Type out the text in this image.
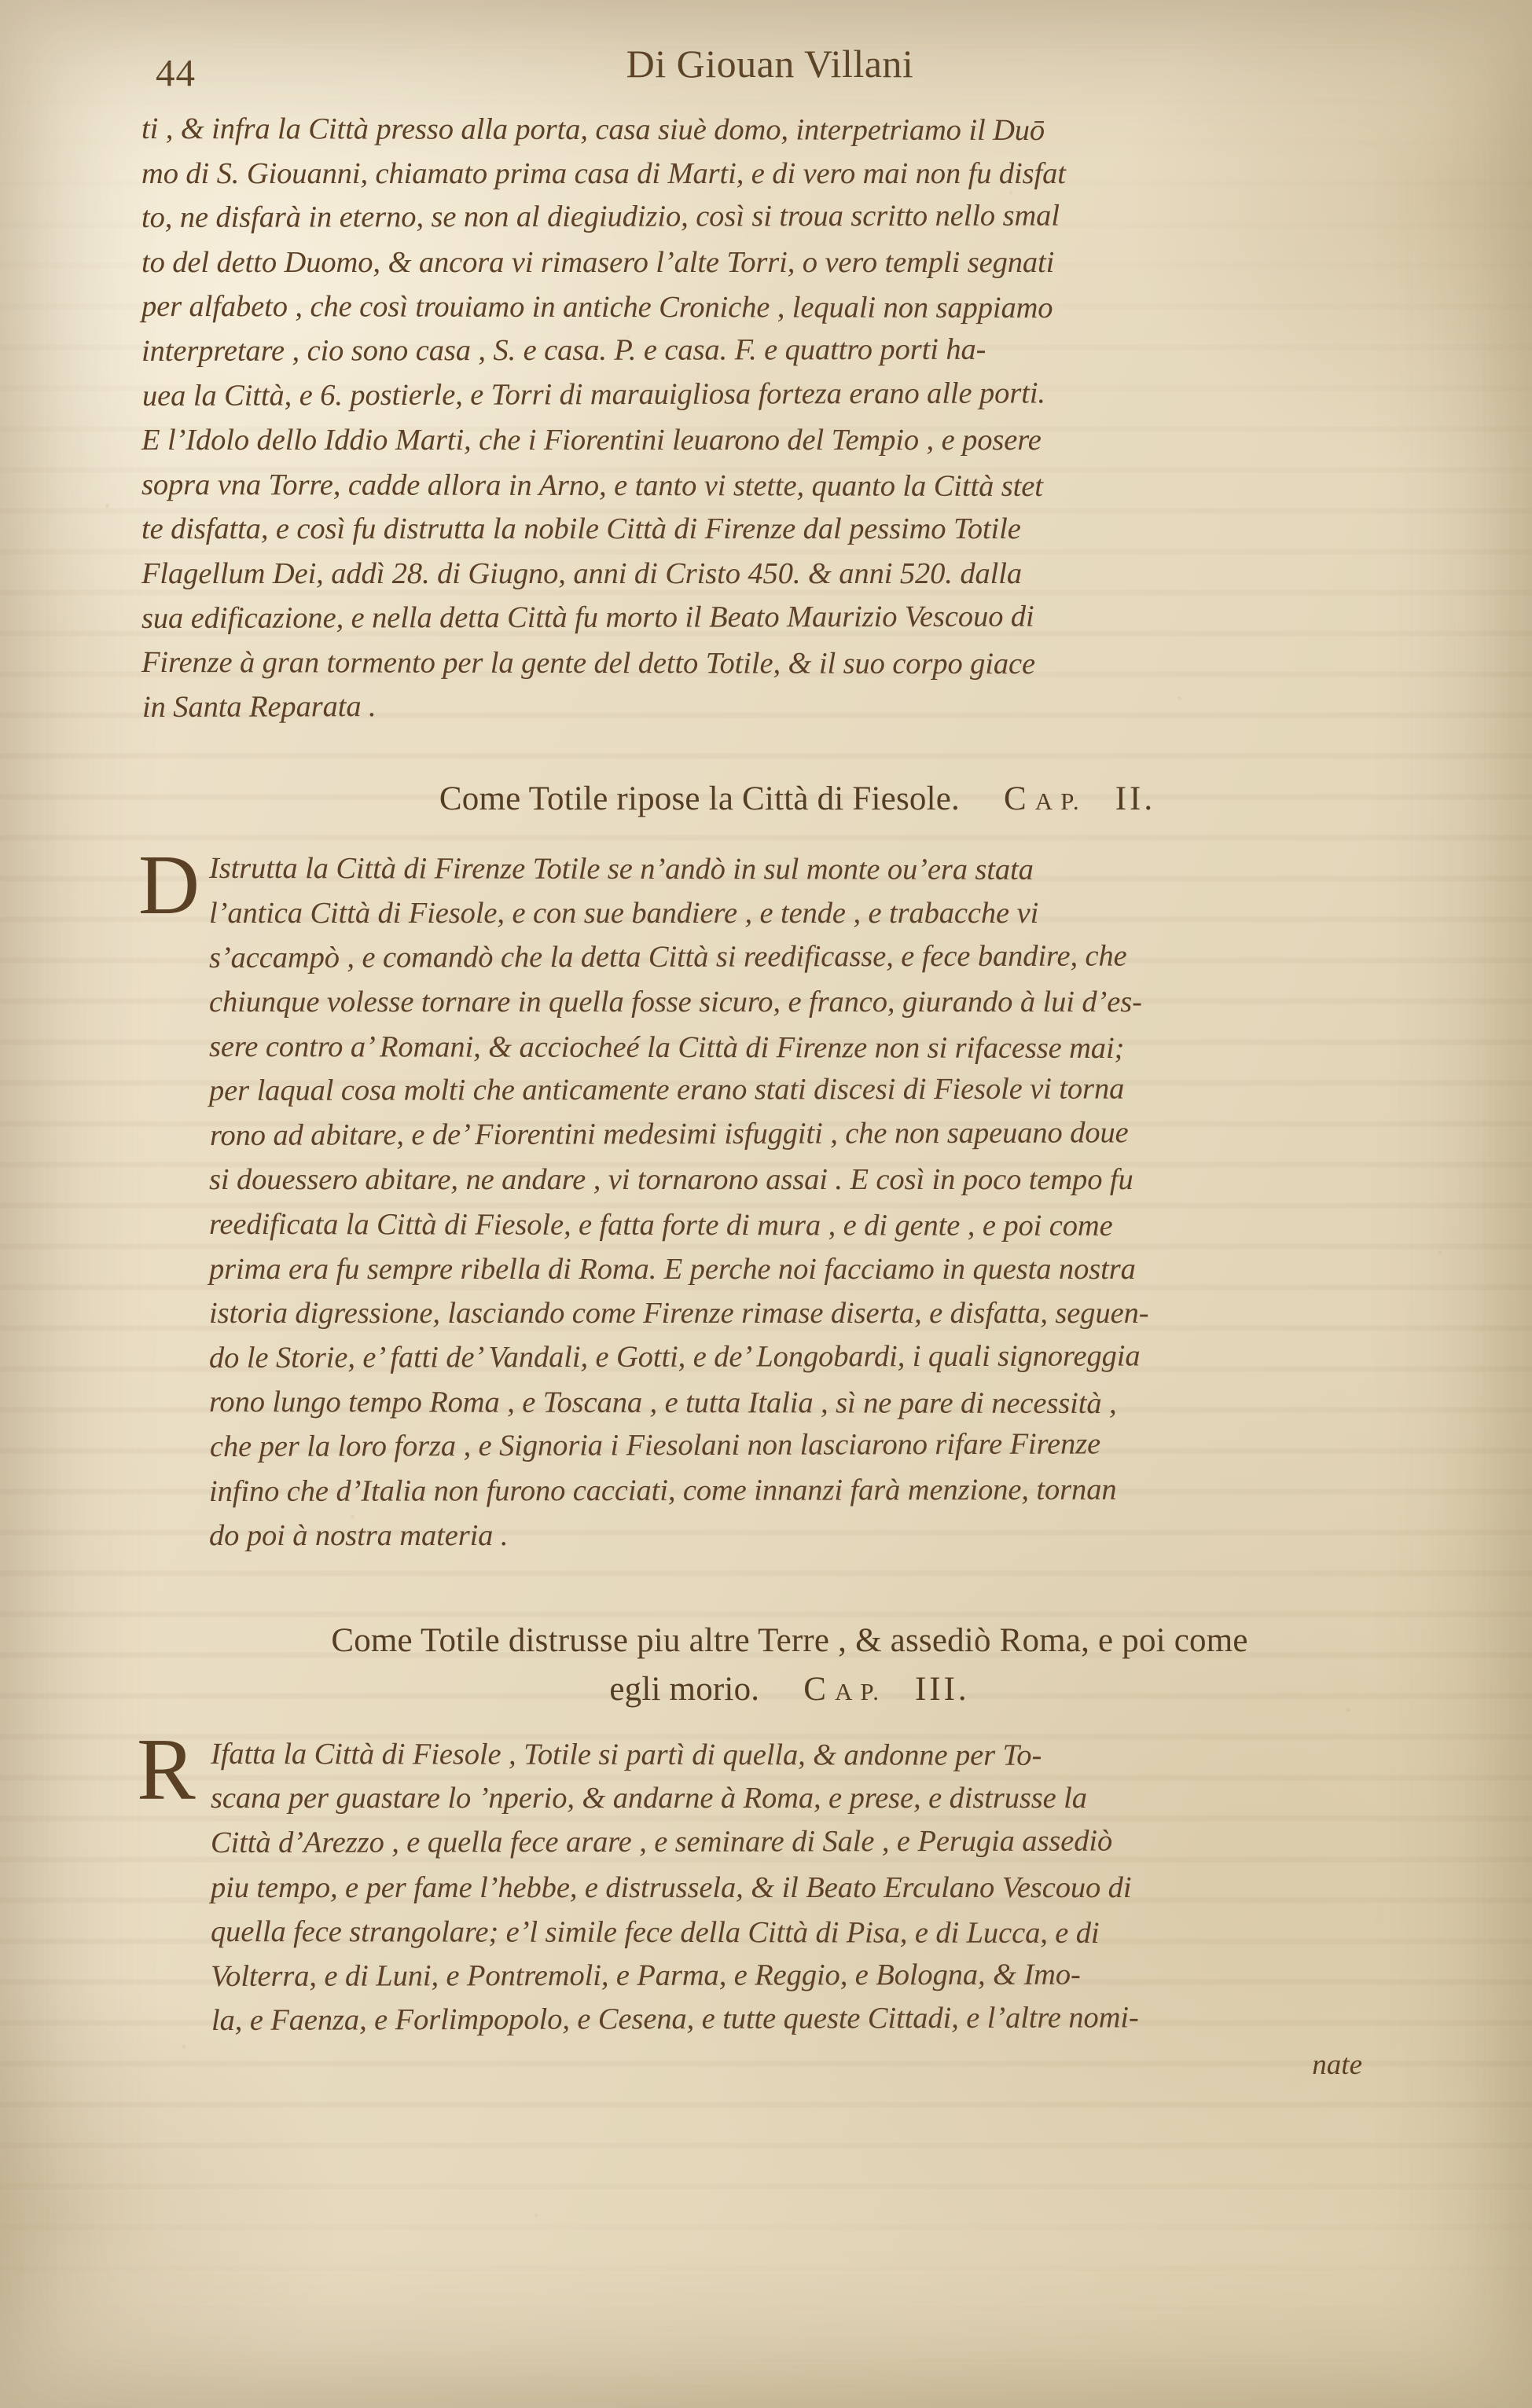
44	Di Giouan Villani
ti , & infra la Città presso alla porta, casa siuè domo, interpetriamo il Duō
mo di S. Giouanni, chiamato prima casa di Marti, e di vero mai non fu disfat
to, ne disfarà in eterno, se non al diegiudizio, così si troua scritto nello smal
to del detto Duomo, & ancora vi rimasero l’alte Torri, o vero templi segnati
per alfabeto , che così trouiamo in antiche Croniche , lequali non sappiamo
interpretare , cio sono casa , S. e casa. P. e casa. F. e quattro porti ha-
uea la Città, e 6. postierle, e Torri di marauigliosa forteza erano alle porti.
E l’Idolo dello Iddio Marti, che i Fiorentini leuarono del Tempio , e posere
sopra vna Torre, cadde allora in Arno, e tanto vi stette, quanto la Città stet
te disfatta, e così fu distrutta la nobile Città di Firenze dal pessimo Totile
Flagellum Dei, addì 28. di Giugno, anni di Cristo 450. & anni 520. dalla
sua edificazione, e nella detta Città fu morto il Beato Maurizio Vescouo di
Firenze à gran tormento per la gente del detto Totile, & il suo corpo giace
in Santa Reparata .
Come Totile ripose la Città di Fiesole. C A P. II.
D Istrutta la Città di Firenze Totile se n’andò in sul monte ou’era stata
l’antica Città di Fiesole, e con sue bandiere , e tende , e trabacche vi
s’accampò , e comandò che la detta Città si reedificasse, e fece bandire, che
chiunque volesse tornare in quella fosse sicuro, e franco, giurando à lui d’es-
sere contro a’ Romani, & acciocheé la Città di Firenze non si rifacesse mai;
per laqual cosa molti che anticamente erano stati discesi di Fiesole vi torna
rono ad abitare, e de’ Fiorentini medesimi isfuggiti , che non sapeuano doue
si douessero abitare, ne andare , vi tornarono assai . E così in poco tempo fu
reedificata la Città di Fiesole, e fatta forte di mura , e di gente , e poi come
prima era fu sempre ribella di Roma. E perche noi facciamo in questa nostra
istoria digressione, lasciando come Firenze rimase diserta, e disfatta, seguen-
do le Storie, e’ fatti de’ Vandali, e Gotti, e de’ Longobardi, i quali signoreggia
rono lungo tempo Roma , e Toscana , e tutta Italia , sì ne pare di necessità ,
che per la loro forza , e Signoria i Fiesolani non lasciarono rifare Firenze
infino che d’Italia non furono cacciati, come innanzi farà menzione, tornan
do poi à nostra materia .
Come Totile distrusse piu altre Terre , & assediò Roma, e poi come
egli morio. C A P. III.
R Ifatta la Città di Fiesole , Totile si partì di quella, & andonne per To-
scana per guastare lo ’nperio, & andarne à Roma, e prese, e distrusse la
Città d’Arezzo , e quella fece arare , e seminare di Sale , e Perugia assediò
piu tempo, e per fame l’hebbe, e distrussela, & il Beato Erculano Vescouo di
quella fece strangolare; e’l simile fece della Città di Pisa, e di Lucca, e di
Volterra, e di Luni, e Pontremoli, e Parma, e Reggio, e Bologna, & Imo-
la, e Faenza, e Forlimpopolo, e Cesena, e tutte queste Cittadi, e l’altre nomi-
nate
